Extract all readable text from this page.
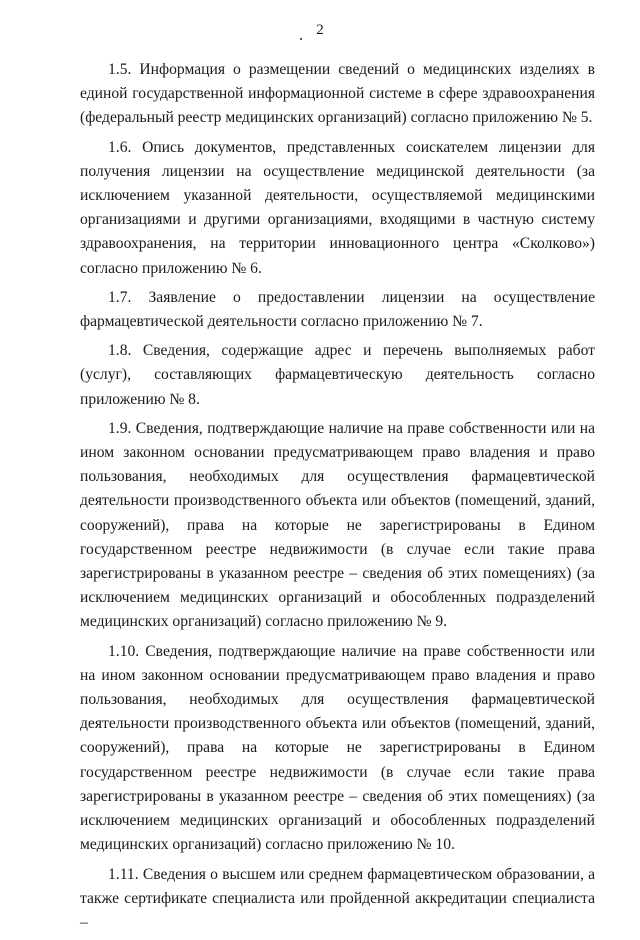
2

1.5. Информация о размещении сведений о медицинских изделиях в единой государственной информационной системе в сфере здравоохранения (федеральный реестр медицинских организаций) согласно приложению № 5.

1.6. Опись документов, представленных соискателем лицензии для получения лицензии на осуществление медицинской деятельности (за исключением указанной деятельности, осуществляемой медицинскими организациями и другими организациями, входящими в частную систему здравоохранения, на территории инновационного центра «Сколково») согласно приложению № 6.

1.7. Заявление о предоставлении лицензии на осуществление фармацевтической деятельности согласно приложению № 7.

1.8. Сведения, содержащие адрес и перечень выполняемых работ (услуг), составляющих фармацевтическую деятельность согласно приложению № 8.

1.9. Сведения, подтверждающие наличие на праве собственности или на ином законном основании предусматривающем право владения и право пользования, необходимых для осуществления фармацевтической деятельности производственного объекта или объектов (помещений, зданий, сооружений), права на которые не зарегистрированы в Едином государственном реестре недвижимости (в случае если такие права зарегистрированы в указанном реестре – сведения об этих помещениях) (за исключением медицинских организаций и обособленных подразделений медицинских организаций) согласно приложению № 9.

1.10. Сведения, подтверждающие наличие на праве собственности или на ином законном основании предусматривающем право владения и право пользования, необходимых для осуществления фармацевтической деятельности производственного объекта или объектов (помещений, зданий, сооружений), права на которые не зарегистрированы в Едином государственном реестре недвижимости (в случае если такие права зарегистрированы в указанном реестре – сведения об этих помещениях) (за исключением медицинских организаций и обособленных подразделений медицинских организаций) согласно приложению № 10.

1.11. Сведения о высшем или среднем фармацевтическом образовании, а также сертификате специалиста или пройденной аккредитации специалиста –
